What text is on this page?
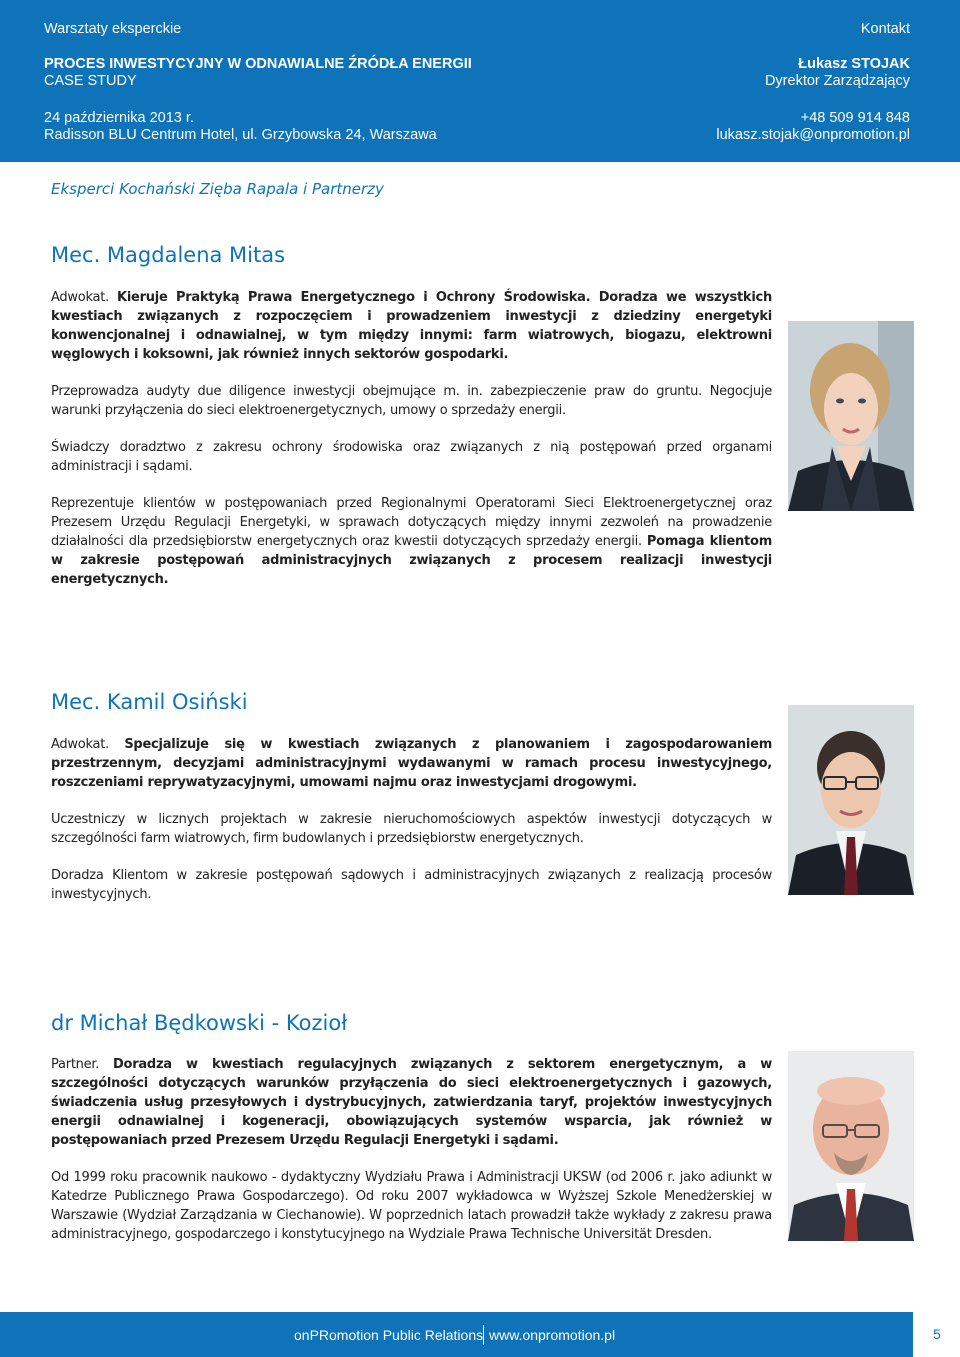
Warsztaty eksperckie
PROCES INWESTYCYJNY W ODNAWIALNE ŹRÓDŁA ENERGII
CASE STUDY
24 października 2013 r.
Radisson BLU Centrum Hotel, ul. Grzybowska 24, Warszawa
Kontakt
Łukasz STOJAK
Dyrektor Zarządzający
+48 509 914 848
lukasz.stojak@onpromotion.pl
Eksperci Kochański Zięba Rapala i Partnerzy
Mec. Magdalena Mitas

Adwokat. Kieruje Praktyką Prawa Energetycznego i Ochrony Środowiska. Doradza we wszystkich kwestiach związanych z rozpoczęciem i prowadzeniem inwestycji z dziedziny energetyki konwencjonalnej i odnawialnej, w tym między innymi: farm wiatrowych, biogazu, elektrowni węglowych i koksowni, jak również innych sektorów gospodarki.

Przeprowadza audyty due diligence inwestycji obejmujące m. in. zabezpieczenie praw do gruntu. Negocjuje warunki przyłączenia do sieci elektroenergetycznych, umowy o sprzedaży energii.

Świadczy doradztwo z zakresu ochrony środowiska oraz związanych z nią postępowań przed organami administracji i sądami.

Reprezentuje klientów w postępowaniach przed Regionalnymi Operatorami Sieci Elektroenergetycznej oraz Prezesem Urzędu Regulacji Energetyki, w sprawach dotyczących między innymi zezwoleń na prowadzenie działalności dla przedsiębiorstw energetycznych oraz kwestii dotyczących sprzedaży energii. Pomaga klientom w zakresie postępowań administracyjnych związanych z procesem realizacji inwestycji energetycznych.

Mec. Kamil Osiński

Adwokat. Specjalizuje się w kwestiach związanych z planowaniem i zagospodarowaniem przestrzennym, decyzjami administracyjnymi wydawanymi w ramach procesu inwestycyjnego, roszczeniami reprywatyzacyjnymi, umowami najmu oraz inwestycjami drogowymi.

Uczestniczy w licznych projektach w zakresie nieruchomościowych aspektów inwestycji dotyczących w szczególności farm wiatrowych, firm budowlanych i przedsiębiorstw energetycznych.

Doradza Klientom w zakresie postępowań sądowych i administracyjnych związanych z realizacją procesów inwestycyjnych.

dr Michał Będkowski - Kozioł

Partner. Doradza w kwestiach regulacyjnych związanych z sektorem energetycznym, a w szczególności dotyczących warunków przyłączenia do sieci elektroenergetycznych i gazowych, świadczenia usług przesyłowych i dystrybucyjnych, zatwierdzania taryf, projektów inwestycyjnych energii odnawialnej i kogeneracji, obowiązujących systemów wsparcia, jak również w postępowaniach przed Prezesem Urzędu Regulacji Energetyki i sądami.

Od 1999 roku pracownik naukowo - dydaktyczny Wydziału Prawa i Administracji UKSW (od 2006 r. jako adiunkt w Katedrze Publicznego Prawa Gospodarczego). Od roku 2007 wykładowca w Wyższej Szkole Menedżerskiej w Warszawie (Wydział Zarządzania w Ciechanowie). W poprzednich latach prowadził także wykłady z zakresu prawa administracyjnego, gospodarczego i konstytucyjnego na Wydziale Prawa Technische Universität Dresden.

onPRomotion Public Relations www.onpromotion.pl	5
